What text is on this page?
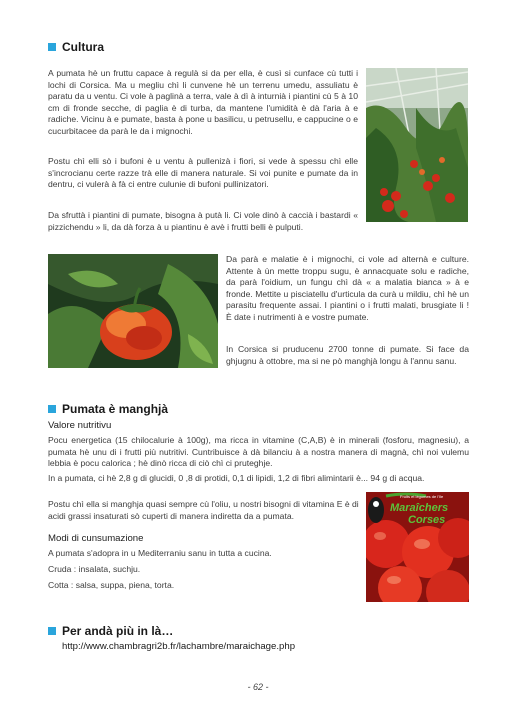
Cultura

A pumata hè un fruttu capace à regulà si da per ella, è cusì si cunface cù tutti i lochi di Corsica. Ma u megliu chì li cunvene hè un terrenu umedu, assuliatu è paratu da u ventu. Ci vole à paglinà a terra, vale à dì à inturnià i piantini cù 5 à 10 cm di fronde secche, di paglia è di turba, da mantene l'umidità è dà l'aria à e radiche. Vicinu à e pumate, basta à pone u basilicu, u petrusellu, e cappucine o e cucurbitacee da parà le da i mignochi.

Postu chì elli sò i bufoni è u ventu à pullenizà i fiori, si vede à spessu chì elle s'incrocianu certe razze trà elle di manera naturale. Si voi punite e pumate da in dentru, ci vulerà à fà ci entre culunie di bufoni pullinizatori.

Da sfruttà i piantini di pumate, bisogna à putà li. Ci vole dinò à caccià i bastardi « pizzichendu » li, da dà forza à u piantinu è avè i frutti belli è pulputi.

Da parà e malatie è i mignochi, ci vole ad alternà e culture. Attente à ùn mette troppu sugu, è annacquate solu e radiche, da parà l'oidium, un fungu chì dà « a malatia bianca » à e fronde. Mettite u pisciatellu d'urticula da curà u mildiu, chì hè un parasitu frequente assai. I piantini o i frutti malati, brusgiate li ! È date i nutrimenti à e vostre pumate.

In Corsica si pruducenu 2700 tonne di pumate. Si face da ghjugnu à ottobre, ma si ne pò manghjà longu à l'annu sanu.

Pumata è manghjà

Valore nutritivu

Pocu energetica (15 chilocalurie à 100g), ma ricca in vitamine (C,A,B) è in minerali (fosforu, magnesiu), a pumata hè unu di i frutti più nutritivi. Cuntribuisce à dà bilanciu à a nostra manera di magnà, chì noi vulemu lebbia è pocu calorica ; hè dinò ricca di ciò chì ci pruteghje.

In a pumata, ci hè 2,8 g di glucidi, 0 ,8 di protidi, 0,1 di lipidi, 1,2 di fibri alimintarii è... 94 g di acqua.

Postu chì ella si manghja quasi sempre cù l'oliu, u nostri bisogni di vitamina E è di acidi grassi insaturati sò cuperti di manera indiretta da a pumata.

Modi di cunsumazione

A pumata s'adopra in u Mediterraniu sanu in tutta a cucina.

Cruda : insalata, suchju.

Cotta : salsa, suppa, piena, torta.

Fruits et légumes de l'île
Maraîchers
Corses
Per andà più in là…
http://www.chambragri2b.fr/lachambre/maraichage.php
- 62 -
